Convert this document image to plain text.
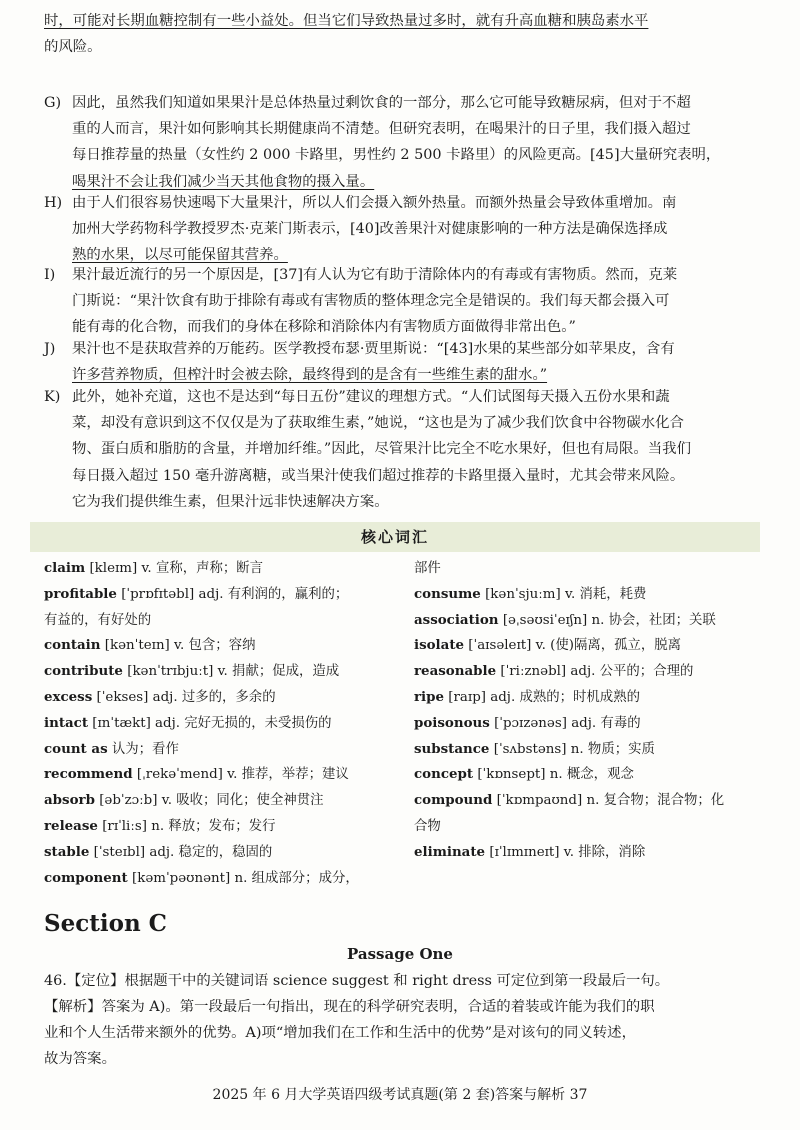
时，可能对长期血糖控制有一些小益处。但当它们导致热量过多时，就有升高血糖和胰岛素水平
的风险。
G) 因此，虽然我们知道如果果汁是总体热量过剩饮食的一部分，那么它可能导致糖尿病，但对于不超
重的人而言，果汁如何影响其长期健康尚不清楚。但研究表明，在喝果汁的日子里，我们摄入超过
每日推荐量的热量（女性约 2 000 卡路里，男性约 2 500 卡路里）的风险更高。[45]大量研究表明，
喝果汁不会让我们减少当天其他食物的摄入量。
H) 由于人们很容易快速喝下大量果汁，所以人们会摄入额外热量。而额外热量会导致体重增加。南
加州大学药物科学教授罗杰·克莱门斯表示，[40]改善果汁对健康影响的一种方法是确保选择成
熟的水果，以尽可能保留其营养。
I) 果汁最近流行的另一个原因是，[37]有人认为它有助于清除体内的有毒或有害物质。然而，克莱
门斯说：“果汁饮食有助于排除有毒或有害物质的整体理念完全是错误的。我们每天都会摄入可
能有毒的化合物，而我们的身体在移除和消除体内有害物质方面做得非常出色。”
J) 果汁也不是获取营养的万能药。医学教授布瑟·贾里斯说：“[43]水果的某些部分如苹果皮，含有
许多营养物质，但榨汁时会被去除，最终得到的是含有一些维生素的甜水。”
K) 此外，她补充道，这也不是达到“每日五份”建议的理想方式。“人们试图每天摄入五份水果和蔬
菜，却没有意识到这不仅仅是为了获取维生素，”她说，“这也是为了减少我们饮食中谷物碳水化合
物、蛋白质和脂肪的含量，并增加纤维。”因此，尽管果汁比完全不吃水果好，但也有局限。当我们
每日摄入超过 150 毫升游离糖，或当果汁使我们超过推荐的卡路里摄入量时，尤其会带来风险。
它为我们提供维生素，但果汁远非快速解决方案。
核心词汇
claim [kleɪm] v. 宣称，声称；断言
profitable [ˈprɒfɪtəbl] adj. 有利润的，赢利的；
有益的，有好处的
contain [kənˈteɪn] v. 包含；容纳
contribute [kənˈtrɪbjuːt] v. 捐献；促成，造成
excess [ˈekses] adj. 过多的，多余的
intact [ɪnˈtækt] adj. 完好无损的，未受损伤的
count as 认为；看作
recommend [ˌrekəˈmend] v. 推荐，举荐；建议
absorb [əbˈzɔːb] v. 吸收；同化；使全神贯注
release [rɪˈliːs] n. 释放；发布；发行
stable [ˈsteɪbl] adj. 稳定的，稳固的
component [kəmˈpəʊnənt] n. 组成部分；成分，
部件
consume [kənˈsjuːm] v. 消耗，耗费
association [əˌsəʊsiˈeɪʃn] n. 协会，社团；关联
isolate [ˈaɪsəleɪt] v. (使)隔离，孤立，脱离
reasonable [ˈriːznəbl] adj. 公平的；合理的
ripe [raɪp] adj. 成熟的；时机成熟的
poisonous [ˈpɔɪzənəs] adj. 有毒的
substance [ˈsʌbstəns] n. 物质；实质
concept [ˈkɒnsept] n. 概念，观念
compound [ˈkɒmpaʊnd] n. 复合物；混合物；化
合物
eliminate [ɪˈlɪmɪneɪt] v. 排除，消除
Section C
Passage One
46.【定位】根据题干中的关键词语 science suggest 和 right dress 可定位到第一段最后一句。
【解析】答案为 A)。第一段最后一句指出，现在的科学研究表明，合适的着装或许能为我们的职
业和个人生活带来额外的优势。A)项“增加我们在工作和生活中的优势”是对该句的同义转述，
故为答案。
2025 年 6 月大学英语四级考试真题(第 2 套)答案与解析 37
